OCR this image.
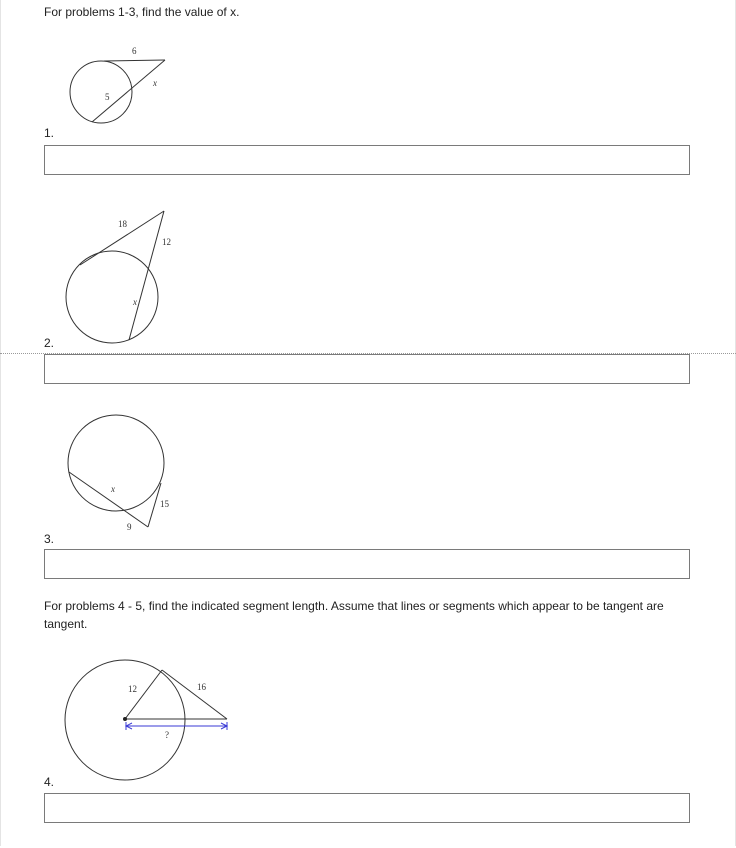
For problems 1-3, find the value of x.
6
5
x
1.
18
12
x
2.
x
9
15
3.
For problems 4 - 5, find the indicated segment length. Assume that lines or segments which appear to be tangent are tangent.
12	16
?
4.
